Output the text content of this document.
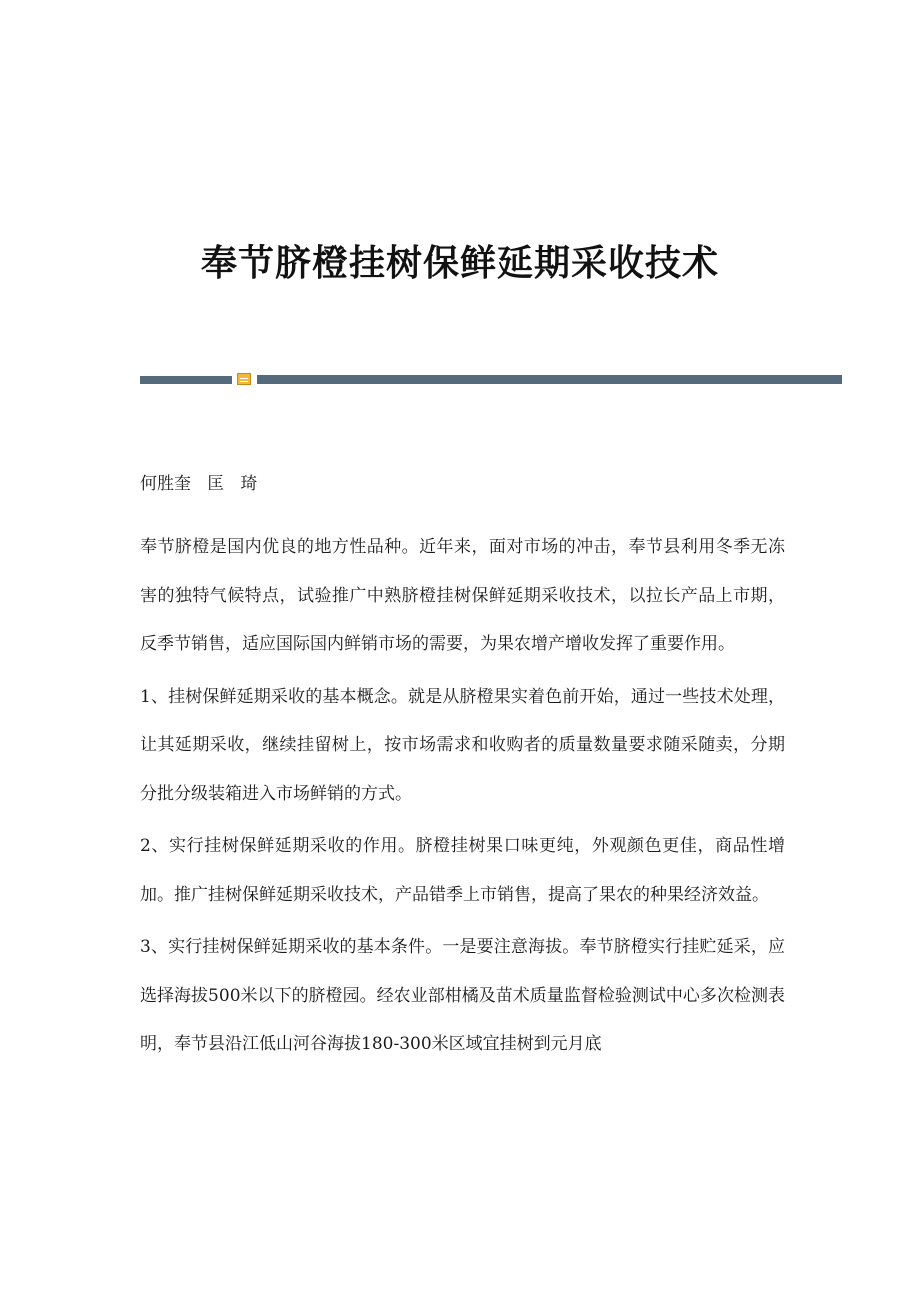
奉节脐橙挂树保鲜延期采收技术
何胜奎   匡   琦

奉节脐橙是国内优良的地方性品种。近年来，面对市场的冲击，奉节县利用冬季无冻害的独特气候特点，试验推广中熟脐橙挂树保鲜延期采收技术，以拉长产品上市期，反季节销售，适应国际国内鲜销市场的需要，为果农增产增收发挥了重要作用。

1、挂树保鲜延期采收的基本概念。就是从脐橙果实着色前开始，通过一些技术处理，让其延期采收，继续挂留树上，按市场需求和收购者的质量数量要求随采随卖，分期分批分级装箱进入市场鲜销的方式。

2、实行挂树保鲜延期采收的作用。脐橙挂树果口味更纯，外观颜色更佳，商品性增加。推广挂树保鲜延期采收技术，产品错季上市销售，提高了果农的种果经济效益。

3、实行挂树保鲜延期采收的基本条件。一是要注意海拔。奉节脐橙实行挂贮延采，应选择海拔500米以下的脐橙园。经农业部柑橘及苗术质量监督检验测试中心多次检测表明，奉节县沿江低山河谷海拔180-300米区域宜挂树到元月底
